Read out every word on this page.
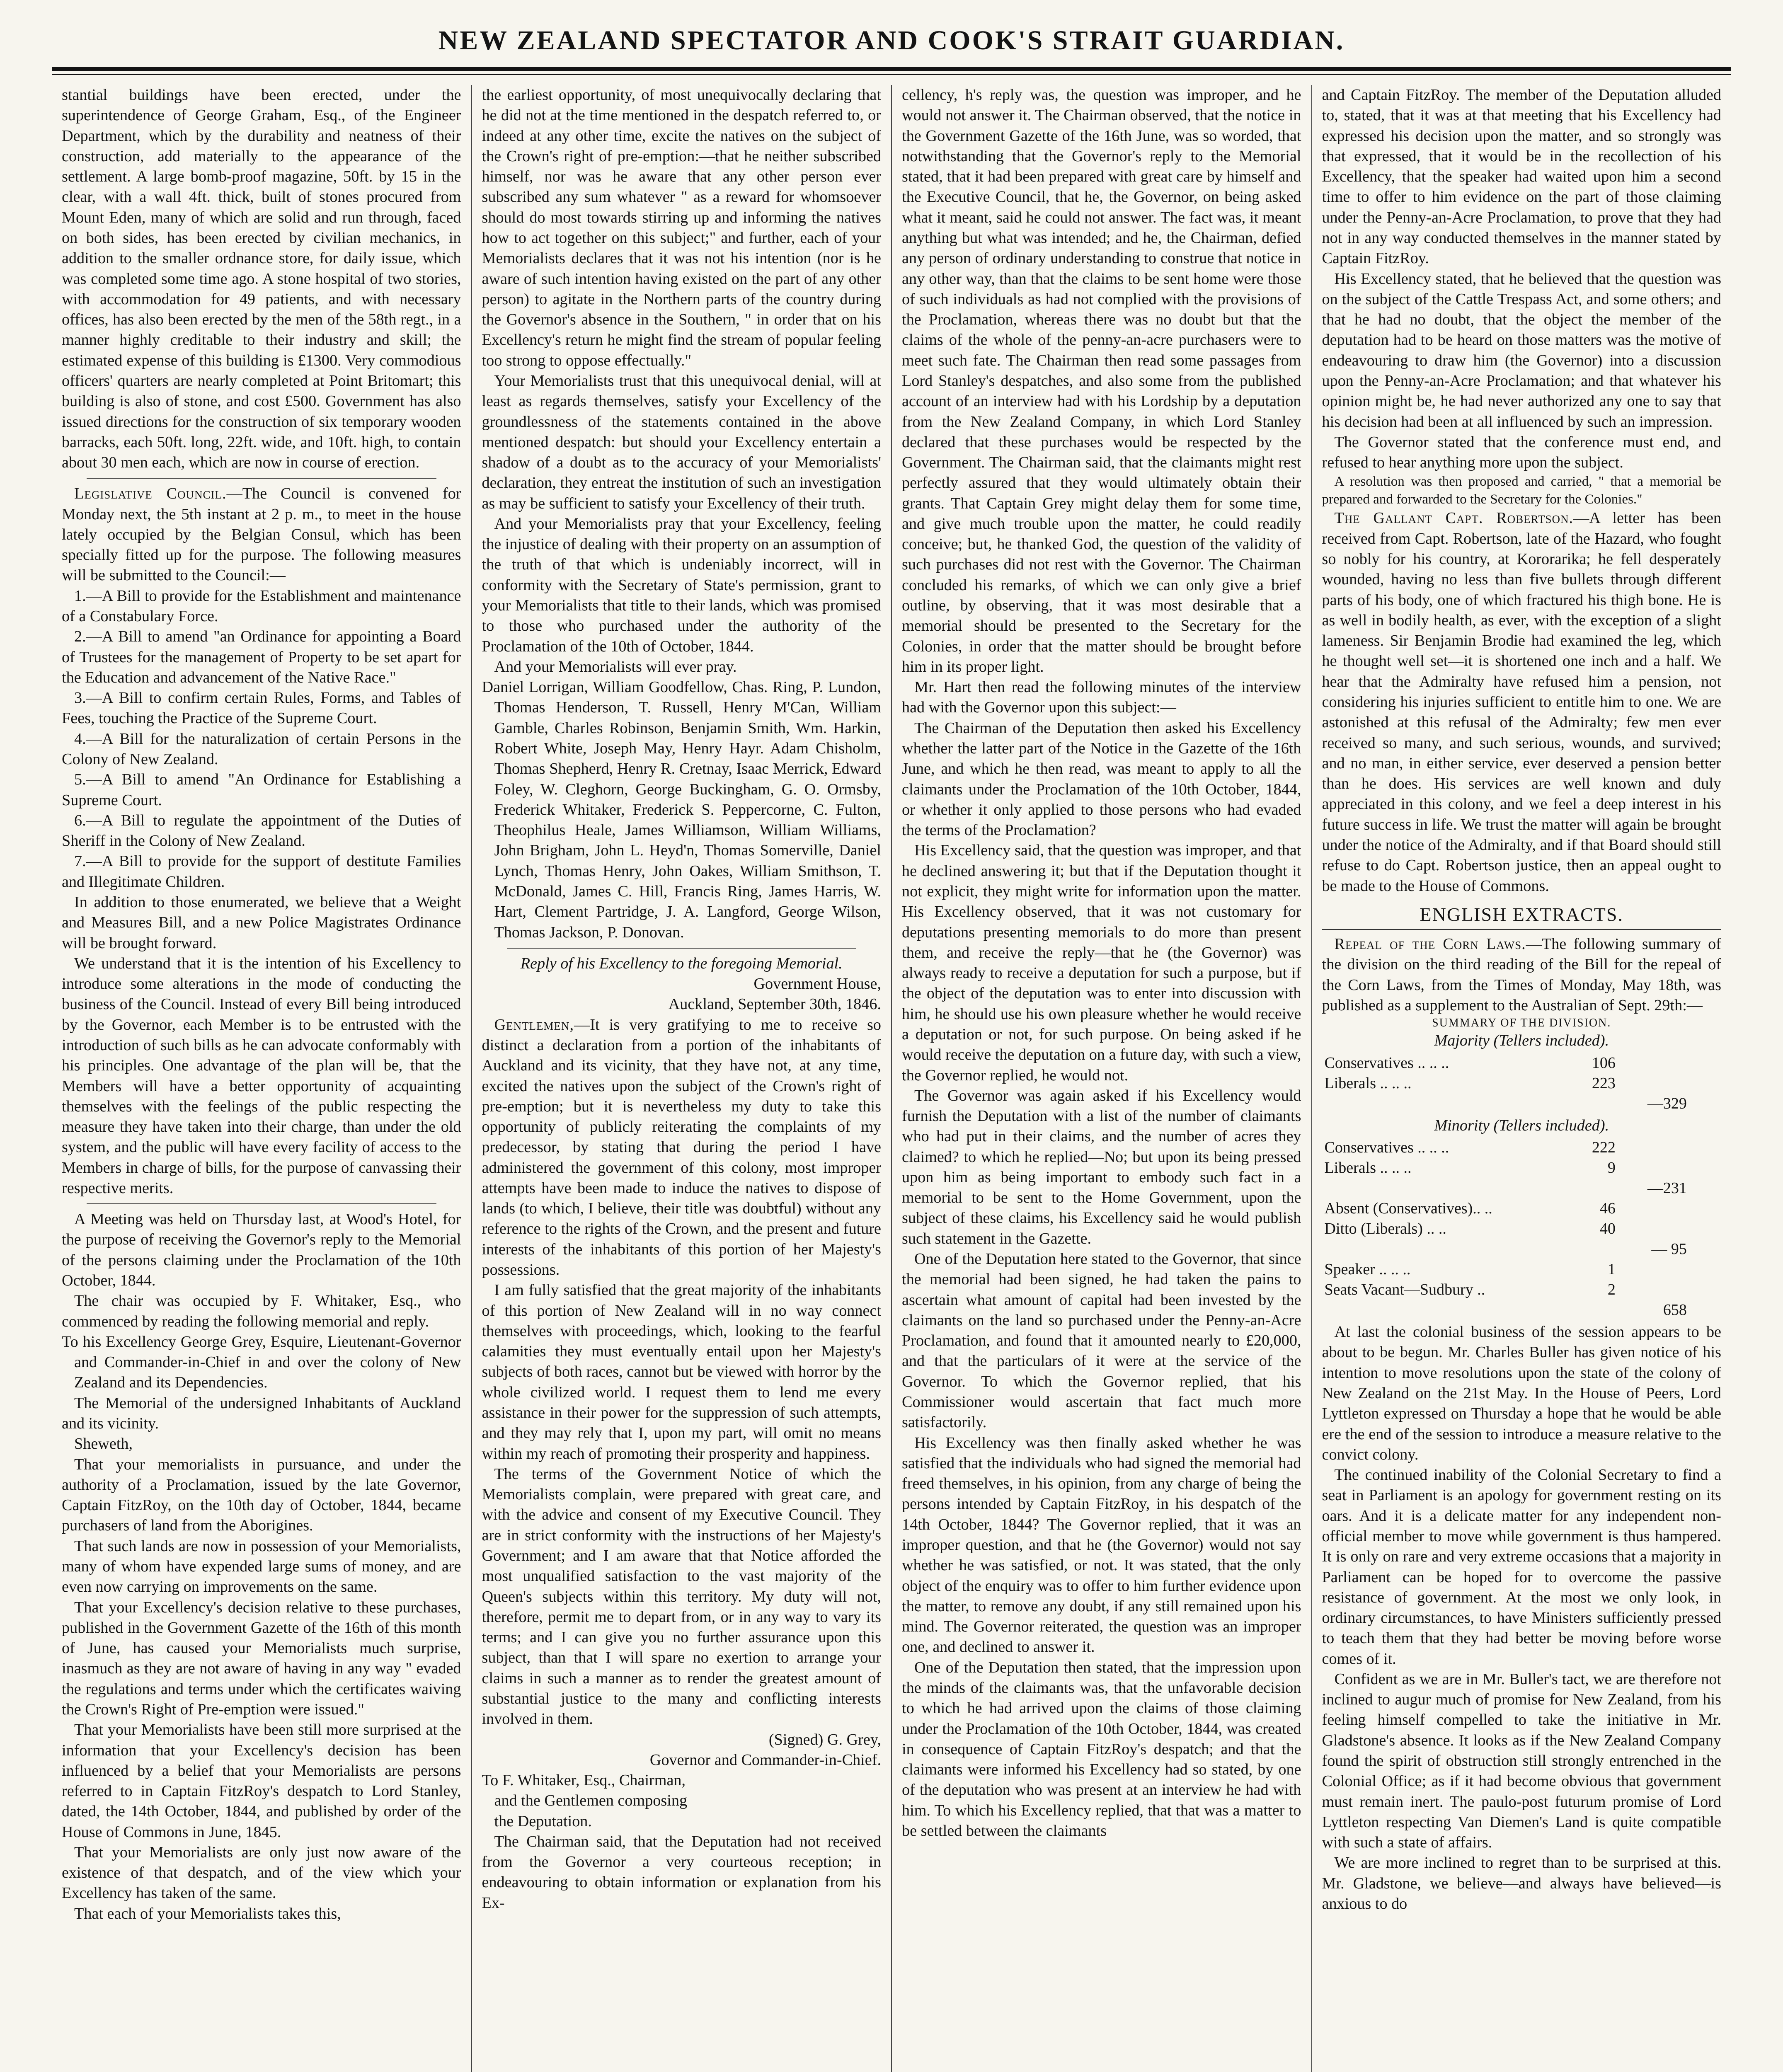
NEW ZEALAND SPECTATOR AND COOK'S STRAIT GUARDIAN.

stantial buildings have been erected, under the superintendence of George Graham, Esq., of the Engineer Department, which by the durability and neatness of their construction, add materially to the appearance of the settlement. A large bomb-proof magazine, 50ft. by 15 in the clear, with a wall 4ft. thick, built of stones procured from Mount Eden, many of which are solid and run through, faced on both sides, has been erected by civilian mechanics, in addition to the smaller ordnance store, for daily issue, which was completed some time ago. A stone hospital of two stories, with accommodation for 49 patients, and with necessary offices, has also been erected by the men of the 58th regt., in a manner highly creditable to their industry and skill; the estimated expense of this building is £1300. Very commodious officers' quarters are nearly completed at Point Britomart; this building is also of stone, and cost £500. Government has also issued directions for the construction of six temporary wooden barracks, each 50ft. long, 22ft. wide, and 10ft. high, to contain about 30 men each, which are now in course of erection.

Legislative Council.—The Council is convened for Monday next, the 5th instant at 2 p. m., to meet in the house lately occupied by the Belgian Consul, which has been specially fitted up for the purpose. The following measures will be submitted to the Council:—

1.—A Bill to provide for the Establishment and maintenance of a Constabulary Force.

2.—A Bill to amend "an Ordinance for appointing a Board of Trustees for the management of Property to be set apart for the Education and advancement of the Native Race."

3.—A Bill to confirm certain Rules, Forms, and Tables of Fees, touching the Practice of the Supreme Court.

4.—A Bill for the naturalization of certain Persons in the Colony of New Zealand.

5.—A Bill to amend "An Ordinance for Establishing a Supreme Court.

6.—A Bill to regulate the appointment of the Duties of Sheriff in the Colony of New Zealand.

7.—A Bill to provide for the support of destitute Families and Illegitimate Children.

In addition to those enumerated, we believe that a Weight and Measures Bill, and a new Police Magistrates Ordinance will be brought forward.

We understand that it is the intention of his Excellency to introduce some alterations in the mode of conducting the business of the Council. Instead of every Bill being introduced by the Governor, each Member is to be entrusted with the introduction of such bills as he can advocate conformably with his principles. One advantage of the plan will be, that the Members will have a better opportunity of acquainting themselves with the feelings of the public respecting the measure they have taken into their charge, than under the old system, and the public will have every facility of access to the Members in charge of bills, for the purpose of canvassing their respective merits.

A Meeting was held on Thursday last, at Wood's Hotel, for the purpose of receiving the Governor's reply to the Memorial of the persons claiming under the Proclamation of the 10th October, 1844.

The chair was occupied by F. Whitaker, Esq., who commenced by reading the following memorial and reply.

To his Excellency George Grey, Esquire, Lieutenant-Governor and Commander-in-Chief in and over the colony of New Zealand and its Dependencies.

The Memorial of the undersigned Inhabitants of Auckland and its vicinity.

Sheweth,

That your memorialists in pursuance, and under the authority of a Proclamation, issued by the late Governor, Captain FitzRoy, on the 10th day of October, 1844, became purchasers of land from the Aborigines.

That such lands are now in possession of your Memorialists, many of whom have expended large sums of money, and are even now carrying on improvements on the same.

That your Excellency's decision relative to these purchases, published in the Government Gazette of the 16th of this month of June, has caused your Memorialists much surprise, inasmuch as they are not aware of having in any way " evaded the regulations and terms under which the certificates waiving the Crown's Right of Pre-emption were issued."

That your Memorialists have been still more surprised at the information that your Excellency's decision has been influenced by a belief that your Memorialists are persons referred to in Captain FitzRoy's despatch to Lord Stanley, dated, the 14th October, 1844, and published by order of the House of Commons in June, 1845.

That your Memorialists are only just now aware of the existence of that despatch, and of the view which your Excellency has taken of the same.

That each of your Memorialists takes this,

the earliest opportunity, of most unequivocally declaring that he did not at the time mentioned in the despatch referred to, or indeed at any other time, excite the natives on the subject of the Crown's right of pre-emption:—that he neither subscribed himself, nor was he aware that any other person ever subscribed any sum whatever " as a reward for whomsoever should do most towards stirring up and informing the natives how to act together on this subject;" and further, each of your Memorialists declares that it was not his intention (nor is he aware of such intention having existed on the part of any other person) to agitate in the Northern parts of the country during the Governor's absence in the Southern, " in order that on his Excellency's return he might find the stream of popular feeling too strong to oppose effectually."

Your Memorialists trust that this unequivocal denial, will at least as regards themselves, satisfy your Excellency of the groundlessness of the statements contained in the above mentioned despatch: but should your Excellency entertain a shadow of a doubt as to the accuracy of your Memorialists' declaration, they entreat the institution of such an investigation as may be sufficient to satisfy your Excellency of their truth.

And your Memorialists pray that your Excellency, feeling the injustice of dealing with their property on an assumption of the truth of that which is undeniably incorrect, will in conformity with the Secretary of State's permission, grant to your Memorialists that title to their lands, which was promised to those who purchased under the authority of the Proclamation of the 10th of October, 1844.

And your Memorialists will ever pray.

Daniel Lorrigan, William Goodfellow, Chas. Ring, P. Lundon, Thomas Henderson, T. Russell, Henry M'Can, William Gamble, Charles Robinson, Benjamin Smith, Wm. Harkin, Robert White, Joseph May, Henry Hayr. Adam Chisholm, Thomas Shepherd, Henry R. Cretnay, Isaac Merrick, Edward Foley, W. Cleghorn, George Buckingham, G. O. Ormsby, Frederick Whitaker, Frederick S. Peppercorne, C. Fulton, Theophilus Heale, James Williamson, William Williams, John Brigham, John L. Heyd'n, Thomas Somerville, Daniel Lynch, Thomas Henry, John Oakes, William Smithson, T. McDonald, James C. Hill, Francis Ring, James Harris, W. Hart, Clement Partridge, J. A. Langford, George Wilson, Thomas Jackson, P. Donovan.

Reply of his Excellency to the foregoing Memorial.

Government House,

Auckland, September 30th, 1846.

Gentlemen,—It is very gratifying to me to receive so distinct a declaration from a portion of the inhabitants of Auckland and its vicinity, that they have not, at any time, excited the natives upon the subject of the Crown's right of pre-emption; but it is nevertheless my duty to take this opportunity of publicly reiterating the complaints of my predecessor, by stating that during the period I have administered the government of this colony, most improper attempts have been made to induce the natives to dispose of lands (to which, I believe, their title was doubtful) without any reference to the rights of the Crown, and the present and future interests of the inhabitants of this portion of her Majesty's possessions.

I am fully satisfied that the great majority of the inhabitants of this portion of New Zealand will in no way connect themselves with proceedings, which, looking to the fearful calamities they must eventually entail upon her Majesty's subjects of both races, cannot but be viewed with horror by the whole civilized world. I request them to lend me every assistance in their power for the suppression of such attempts, and they may rely that I, upon my part, will omit no means within my reach of promoting their prosperity and happiness.

The terms of the Government Notice of which the Memorialists complain, were prepared with great care, and with the advice and consent of my Executive Council. They are in strict conformity with the instructions of her Majesty's Government; and I am aware that that Notice afforded the most unqualified satisfaction to the vast majority of the Queen's subjects within this territory. My duty will not, therefore, permit me to depart from, or in any way to vary its terms; and I can give you no further assurance upon this subject, than that I will spare no exertion to arrange your claims in such a manner as to render the greatest amount of substantial justice to the many and conflicting interests involved in them.

(Signed) G. Grey,

Governor and Commander-in-Chief.

To F. Whitaker, Esq., Chairman,

and the Gentlemen composing

the Deputation.

The Chairman said, that the Deputation had not received from the Governor a very courteous reception; in endeavouring to obtain information or explanation from his Ex-

cellency, h's reply was, the question was improper, and he would not answer it. The Chairman observed, that the notice in the Government Gazette of the 16th June, was so worded, that notwithstanding that the Governor's reply to the Memorial stated, that it had been prepared with great care by himself and the Executive Council, that he, the Governor, on being asked what it meant, said he could not answer. The fact was, it meant anything but what was intended; and he, the Chairman, defied any person of ordinary understanding to construe that notice in any other way, than that the claims to be sent home were those of such individuals as had not complied with the provisions of the Proclamation, whereas there was no doubt but that the claims of the whole of the penny-an-acre purchasers were to meet such fate. The Chairman then read some passages from Lord Stanley's despatches, and also some from the published account of an interview had with his Lordship by a deputation from the New Zealand Company, in which Lord Stanley declared that these purchases would be respected by the Government. The Chairman said, that the claimants might rest perfectly assured that they would ultimately obtain their grants. That Captain Grey might delay them for some time, and give much trouble upon the matter, he could readily conceive; but, he thanked God, the question of the validity of such purchases did not rest with the Governor. The Chairman concluded his remarks, of which we can only give a brief outline, by observing, that it was most desirable that a memorial should be presented to the Secretary for the Colonies, in order that the matter should be brought before him in its proper light.

Mr. Hart then read the following minutes of the interview had with the Governor upon this subject:—

The Chairman of the Deputation then asked his Excellency whether the latter part of the Notice in the Gazette of the 16th June, and which he then read, was meant to apply to all the claimants under the Proclamation of the 10th October, 1844, or whether it only applied to those persons who had evaded the terms of the Proclamation?

His Excellency said, that the question was improper, and that he declined answering it; but that if the Deputation thought it not explicit, they might write for information upon the matter. His Excellency observed, that it was not customary for deputations presenting memorials to do more than present them, and receive the reply—that he (the Governor) was always ready to receive a deputation for such a purpose, but if the object of the deputation was to enter into discussion with him, he should use his own pleasure whether he would receive a deputation or not, for such purpose. On being asked if he would receive the deputation on a future day, with such a view, the Governor replied, he would not.

The Governor was again asked if his Excellency would furnish the Deputation with a list of the number of claimants who had put in their claims, and the number of acres they claimed? to which he replied—No; but upon its being pressed upon him as being important to embody such fact in a memorial to be sent to the Home Government, upon the subject of these claims, his Excellency said he would publish such statement in the Gazette.

One of the Deputation here stated to the Governor, that since the memorial had been signed, he had taken the pains to ascertain what amount of capital had been invested by the claimants on the land so purchased under the Penny-an-Acre Proclamation, and found that it amounted nearly to £20,000, and that the particulars of it were at the service of the Governor. To which the Governor replied, that his Commissioner would ascertain that fact much more satisfactorily.

His Excellency was then finally asked whether he was satisfied that the individuals who had signed the memorial had freed themselves, in his opinion, from any charge of being the persons intended by Captain FitzRoy, in his despatch of the 14th October, 1844? The Governor replied, that it was an improper question, and that he (the Governor) would not say whether he was satisfied, or not. It was stated, that the only object of the enquiry was to offer to him further evidence upon the matter, to remove any doubt, if any still remained upon his mind. The Governor reiterated, the question was an improper one, and declined to answer it.

One of the Deputation then stated, that the impression upon the minds of the claimants was, that the unfavorable decision to which he had arrived upon the claims of those claiming under the Proclamation of the 10th October, 1844, was created in consequence of Captain FitzRoy's despatch; and that the claimants were informed his Excellency had so stated, by one of the deputation who was present at an interview he had with him. To which his Excellency replied, that that was a matter to be settled between the claimants

and Captain FitzRoy. The member of the Deputation alluded to, stated, that it was at that meeting that his Excellency had expressed his decision upon the matter, and so strongly was that expressed, that it would be in the recollection of his Excellency, that the speaker had waited upon him a second time to offer to him evidence on the part of those claiming under the Penny-an-Acre Proclamation, to prove that they had not in any way conducted themselves in the manner stated by Captain FitzRoy.

His Excellency stated, that he believed that the question was on the subject of the Cattle Trespass Act, and some others; and that he had no doubt, that the object the member of the deputation had to be heard on those matters was the motive of endeavouring to draw him (the Governor) into a discussion upon the Penny-an-Acre Proclamation; and that whatever his opinion might be, he had never authorized any one to say that his decision had been at all influenced by such an impression.

The Governor stated that the conference must end, and refused to hear anything more upon the subject.

A resolution was then proposed and carried, " that a memorial be prepared and forwarded to the Secretary for the Colonies."

The Gallant Capt. Robertson.—A letter has been received from Capt. Robertson, late of the Hazard, who fought so nobly for his country, at Kororarika; he fell desperately wounded, having no less than five bullets through different parts of his body, one of which fractured his thigh bone. He is as well in bodily health, as ever, with the exception of a slight lameness. Sir Benjamin Brodie had examined the leg, which he thought well set—it is shortened one inch and a half. We hear that the Admiralty have refused him a pension, not considering his injuries sufficient to entitle him to one. We are astonished at this refusal of the Admiralty; few men ever received so many, and such serious, wounds, and survived; and no man, in either service, ever deserved a pension better than he does. His services are well known and duly appreciated in this colony, and we feel a deep interest in his future success in life. We trust the matter will again be brought under the notice of the Admiralty, and if that Board should still refuse to do Capt. Robertson justice, then an appeal ought to be made to the House of Commons.

ENGLISH EXTRACTS.

Repeal of the Corn Laws.—The following summary of the division on the third reading of the Bill for the repeal of the Corn Laws, from the Times of Monday, May 18th, was published as a supplement to the Australian of Sept. 29th:—

SUMMARY OF THE DIVISION.

Majority (Tellers included).

Conservatives .. .. ..	106	
Liberals .. .. ..	223	
		—329

Minority (Tellers included).

Conservatives .. .. ..	222	
Liberals .. .. ..	9	
		—231
Absent (Conservatives).. ..	46	
Ditto (Liberals) .. ..	40	
		— 95
Speaker .. .. ..	1	
Seats Vacant—Sudbury ..	2	

		658

At last the colonial business of the session appears to be about to be begun. Mr. Charles Buller has given notice of his intention to move resolutions upon the state of the colony of New Zealand on the 21st May. In the House of Peers, Lord Lyttleton expressed on Thursday a hope that he would be able ere the end of the session to introduce a measure relative to the convict colony.

The continued inability of the Colonial Secretary to find a seat in Parliament is an apology for government resting on its oars. And it is a delicate matter for any independent non-official member to move while government is thus hampered. It is only on rare and very extreme occasions that a majority in Parliament can be hoped for to overcome the passive resistance of government. At the most we only look, in ordinary circumstances, to have Ministers sufficiently pressed to teach them that they had better be moving before worse comes of it.

Confident as we are in Mr. Buller's tact, we are therefore not inclined to augur much of promise for New Zealand, from his feeling himself compelled to take the initiative in Mr. Gladstone's absence. It looks as if the New Zealand Company found the spirit of obstruction still strongly entrenched in the Colonial Office; as if it had become obvious that government must remain inert. The paulo-post futurum promise of Lord Lyttleton respecting Van Diemen's Land is quite compatible with such a state of affairs.

We are more inclined to regret than to be surprised at this. Mr. Gladstone, we believe—and always have believed—is anxious to do
